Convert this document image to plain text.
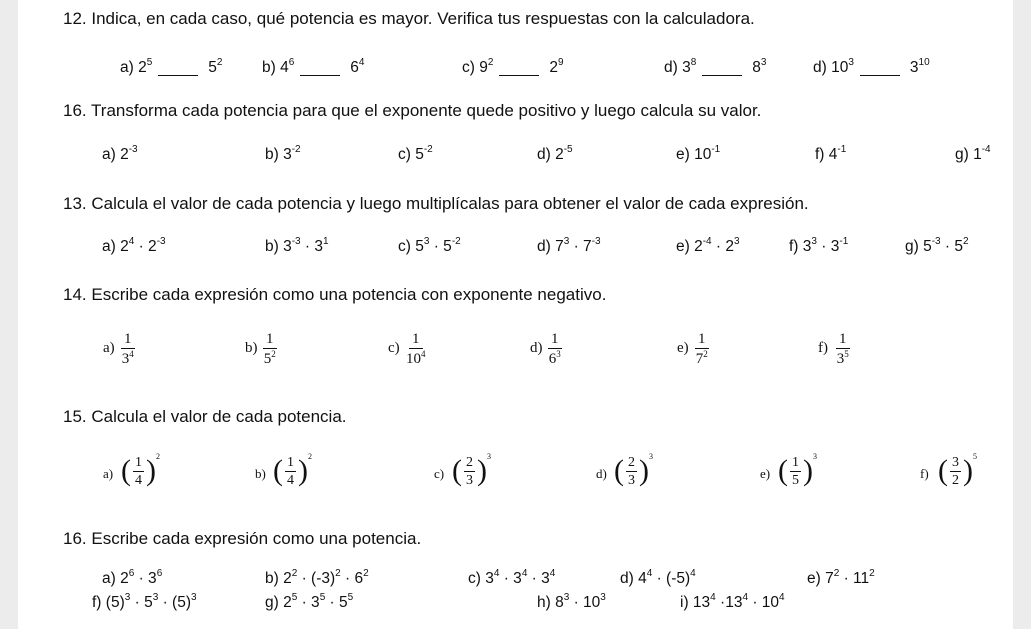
12. Indica, en cada caso, qué potencia es mayor. Verifica tus respuestas con la calculadora.
16. Transforma cada potencia para que el exponente quede positivo y luego calcula su valor.
13. Calcula el valor de cada potencia y luego multiplícalas para obtener el valor de cada expresión.
14. Escribe cada expresión como una potencia con exponente negativo.
15. Calcula el valor de cada potencia.
16. Escribe cada expresión como una potencia.
a) $2^5$	$5^2$	b) $4^6$	$6^4$	c) $9^2$	$2^9$	d) $3^8$	$8^3$	d) $10^3$	$3^{10}$
a) $2^{-3}$	b) $3^{-2}$	c) $5^{-2}$	d) $2^{-5}$	e) $10^{-1}$	f) $4^{-1}$	g) $1^{-4}$
a) $2^4 \cdot 2^{-3}$	b) $3^{-3} \cdot 3^1$	c) $5^3 \cdot 5^{-2}$	d) $7^3 \cdot 7^{-3}$	e) $2^{-4} \cdot 2^3$	f) $3^3 \cdot 3^{-1}$	g) $5^{-3} \cdot 5^2$
$a) \frac{1}{3^4}$	$b) \frac{1}{5^2}$	$c) \frac{1}{10^4}$	$d) \frac{1}{6^3}$	$e) \frac{1}{7^2}$	$f) \frac{1}{3^5}$
a) ( $\frac{1}{4}$ ) 2
b) ( $\frac{1}{4}$ ) 2
c) ( $\frac{2}{3}$ ) 3
d) ( $\frac{2}{3}$ ) 3
e) ( $\frac{1}{5}$ ) 3
f) ( $\frac{3}{2}$ ) 5
a) $2^6 \cdot 3^6$	b) $2^2 \cdot (-3)^2 \cdot 6^2$	c) $3^4 \cdot 3^4 \cdot 3^4$	d) $4^4 \cdot (-5)^4$	e) $7^2 \cdot 11^2$
f) $(5)^3 \cdot 5^3 \cdot (5)^3$	g) $2^5 \cdot 3^5 \cdot 5^5$	h) $8^3 \cdot 10^3$	i) $13^4 \cdot 13^4 \cdot 10^4$
